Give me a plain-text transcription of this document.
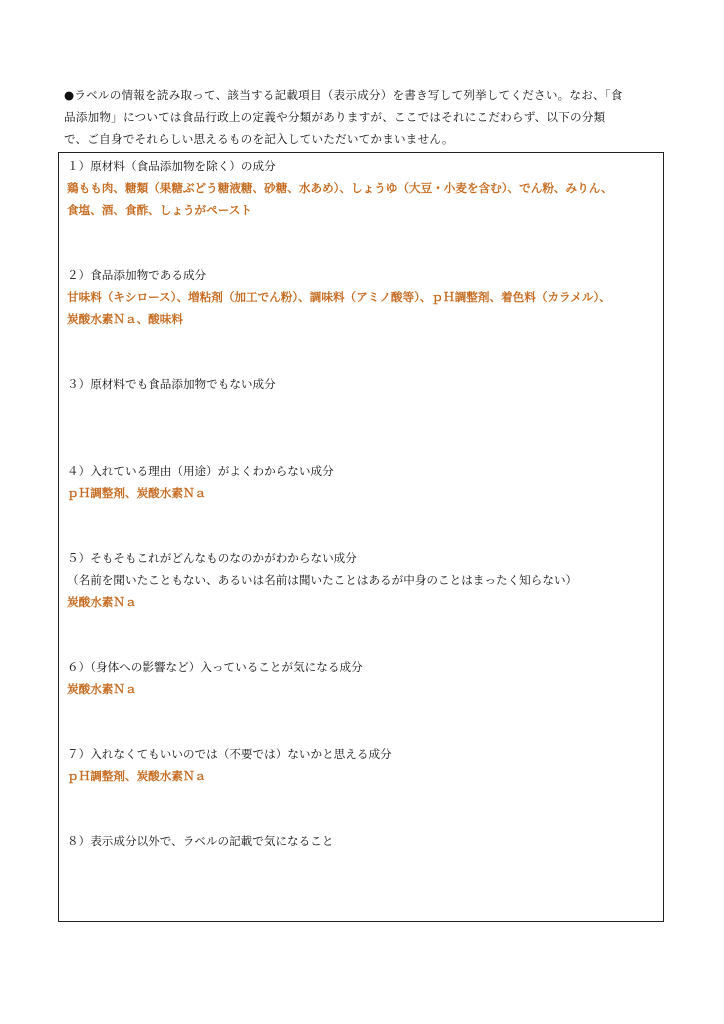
●ラベルの情報を読み取って、該当する記載項目（表示成分）を書き写して列挙してください。なお、「食

品添加物」については食品行政上の定義や分類がありますが、ここではそれにこだわらず、以下の分類

で、ご自身でそれらしい思えるものを記入していただいてかまいません。

１）原材料（食品添加物を除く）の成分

鶏もも肉、糖類（果糖ぶどう糖液糖、砂糖、水あめ）、しょうゆ（大豆・小麦を含む）、でん粉、みりん、

食塩、酒、食酢、しょうがペースト

２）食品添加物である成分

甘味料（キシロース）、増粘剤（加工でん粉）、調味料（アミノ酸等）、ｐＨ調整剤、着色料（カラメル）、

炭酸水素Ｎａ、酸味料

３）原材料でも食品添加物でもない成分

４）入れている理由（用途）がよくわからない成分

ｐＨ調整剤、炭酸水素Ｎａ

５）そもそもこれがどんなものなのかがわからない成分

（名前を聞いたこともない、あるいは名前は聞いたことはあるが中身のことはまったく知らない）

炭酸水素Ｎａ

６）（身体への影響など）入っていることが気になる成分

炭酸水素Ｎａ

７）入れなくてもいいのでは（不要では）ないかと思える成分

ｐＨ調整剤、炭酸水素Ｎａ

８）表示成分以外で、ラベルの記載で気になること
